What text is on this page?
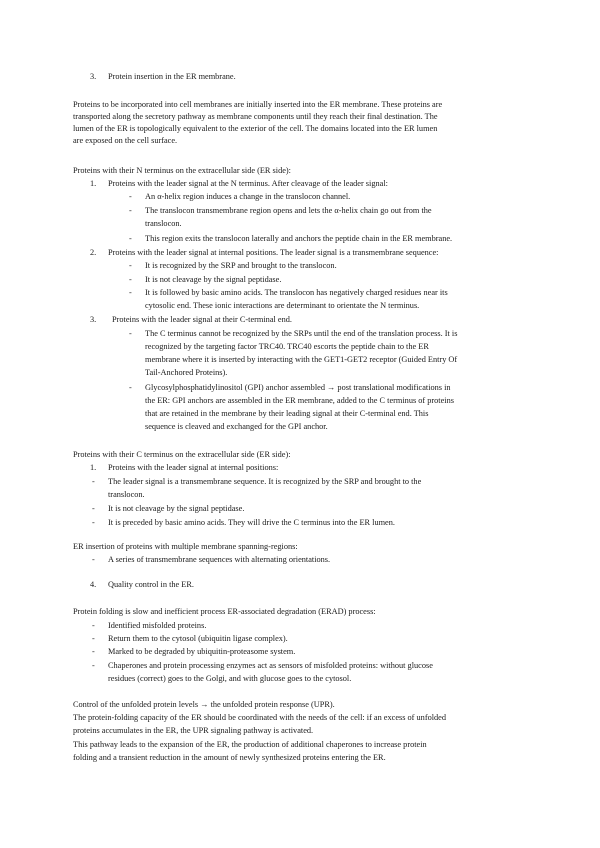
3. Protein insertion in the ER membrane.
Proteins to be incorporated into cell membranes are initially inserted into the ER membrane. These proteins are
transported along the secretory pathway as membrane components until they reach their final destination. The
lumen of the ER is topologically equivalent to the exterior of the cell. The domains located into the ER lumen
are exposed on the cell surface.
Proteins with their N terminus on the extracellular side (ER side):
1. Proteins with the leader signal at the N terminus. After cleavage of the leader signal:
- An α-helix region induces a change in the translocon channel.
- The translocon transmembrane region opens and lets the α-helix chain go out from the
translocon.
- This region exits the translocon laterally and anchors the peptide chain in the ER membrane.
2. Proteins with the leader signal at internal positions. The leader signal is a transmembrane sequence:
- It is recognized by the SRP and brought to the translocon.
- It is not cleavage by the signal peptidase.
- It is followed by basic amino acids. The translocon has negatively charged residues near its
cytosolic end. These ionic interactions are determinant to orientate the N terminus.
3. Proteins with the leader signal at their C-terminal end.
- The C terminus cannot be recognized by the SRPs until the end of the translation process. It is
recognized by the targeting factor TRC40. TRC40 escorts the peptide chain to the ER
membrane where it is inserted by interacting with the GET1-GET2 receptor (Guided Entry Of
Tail-Anchored Proteins).
- Glycosylphosphatidylinositol (GPI) anchor assembled → post translational modifications in
the ER: GPI anchors are assembled in the ER membrane, added to the C terminus of proteins
that are retained in the membrane by their leading signal at their C-terminal end. This
sequence is cleaved and exchanged for the GPI anchor.
Proteins with their C terminus on the extracellular side (ER side):
1. Proteins with the leader signal at internal positions:
- The leader signal is a transmembrane sequence. It is recognized by the SRP and brought to the
translocon.
- It is not cleavage by the signal peptidase.
- It is preceded by basic amino acids. They will drive the C terminus into the ER lumen.
ER insertion of proteins with multiple membrane spanning-regions:
- A series of transmembrane sequences with alternating orientations.
4. Quality control in the ER.
Protein folding is slow and inefficient process ER-associated degradation (ERAD) process:
- Identified misfolded proteins.
- Return them to the cytosol (ubiquitin ligase complex).
- Marked to be degraded by ubiquitin-proteasome system.
- Chaperones and protein processing enzymes act as sensors of misfolded proteins: without glucose
residues (correct) goes to the Golgi, and with glucose goes to the cytosol.
Control of the unfolded protein levels → the unfolded protein response (UPR).
The protein-folding capacity of the ER should be coordinated with the needs of the cell: if an excess of unfolded
proteins accumulates in the ER, the UPR signaling pathway is activated.
This pathway leads to the expansion of the ER, the production of additional chaperones to increase protein
folding and a transient reduction in the amount of newly synthesized proteins entering the ER.
